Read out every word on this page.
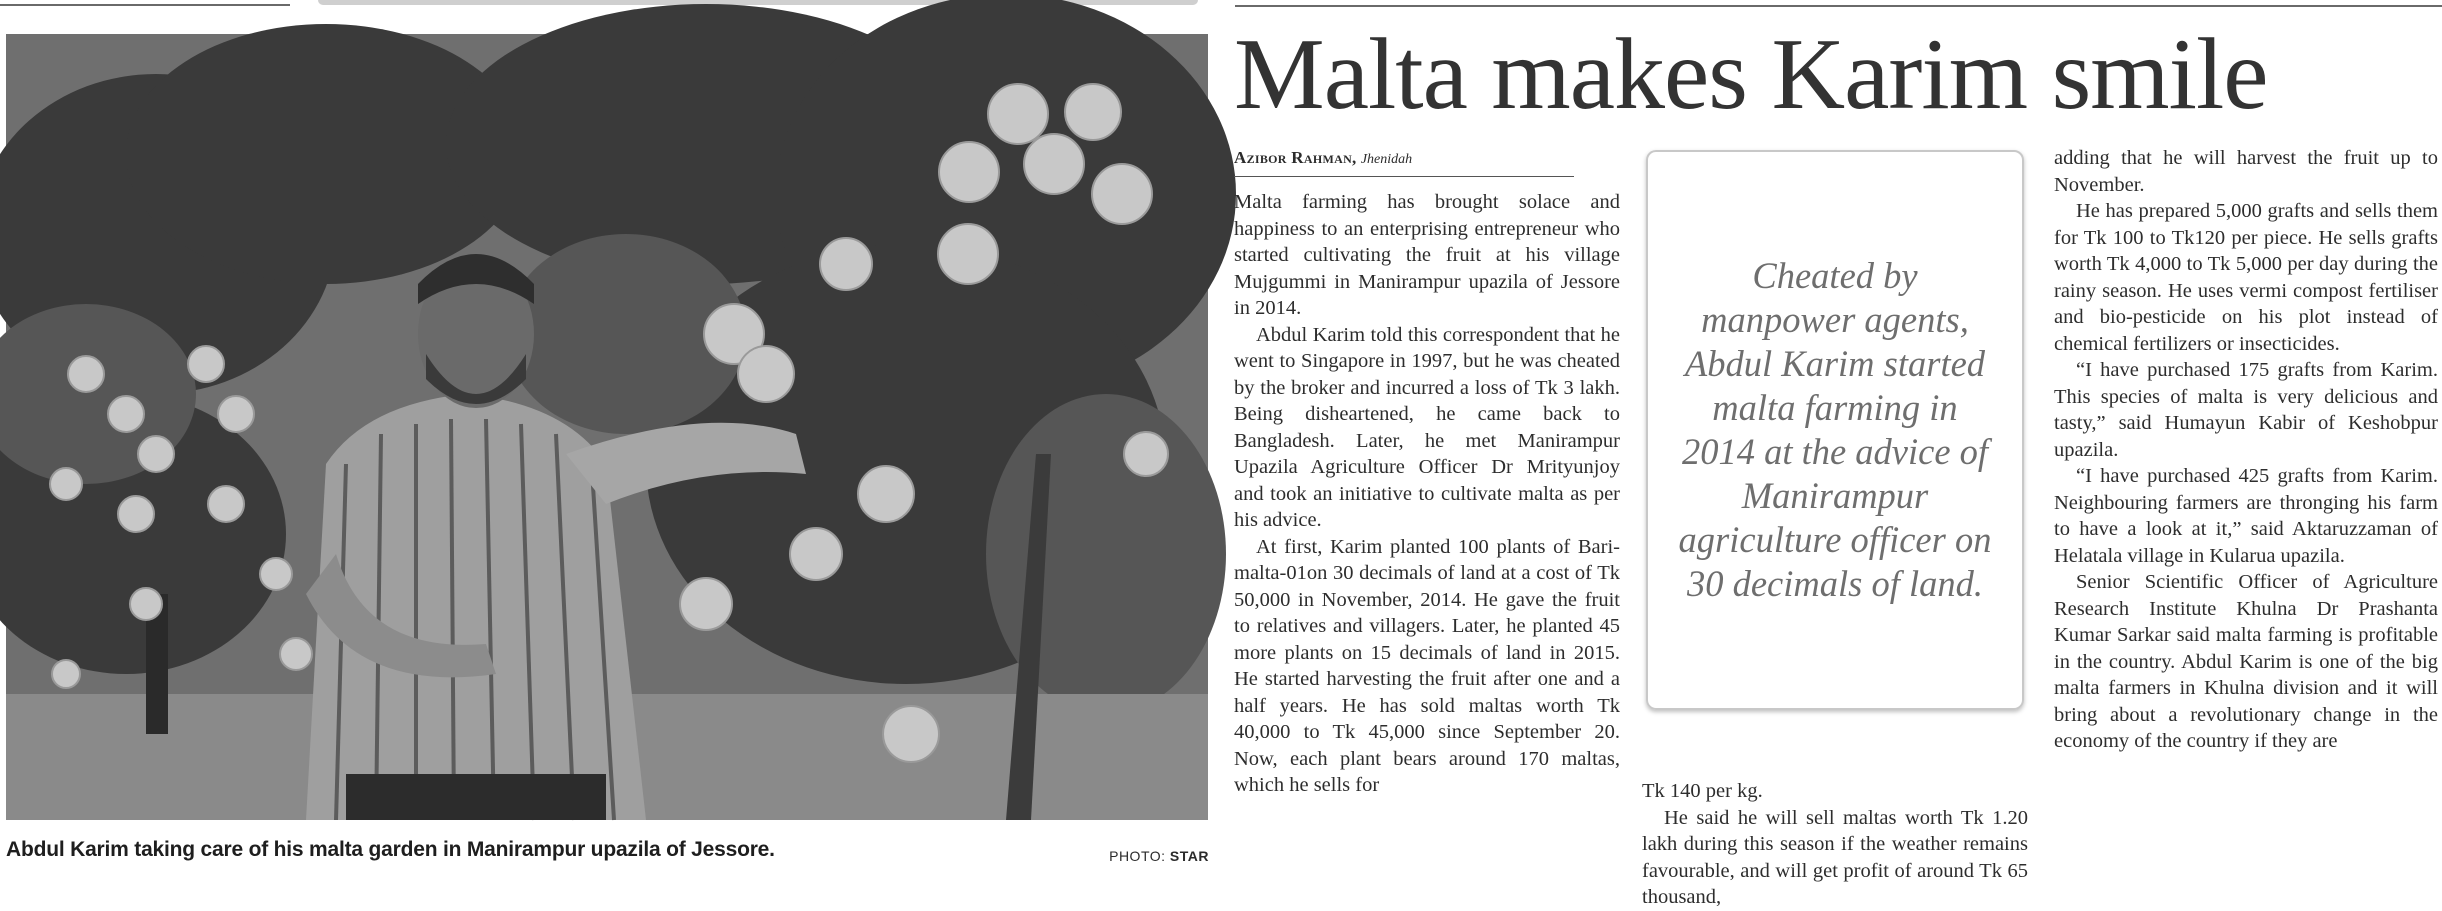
Abdul Karim taking care of his malta garden in Manirampur upazila of Jessore.	PHOTO: STAR
Malta makes Karim smile
Azibor Rahman, Jhenidah

Malta farming has brought solace and happiness to an enterprising entrepreneur who started cultivating the fruit at his village Mujgummi in Manirampur upazila of Jessore in 2014.

Abdul Karim told this correspondent that he went to Singapore in 1997, but he was cheated by the broker and incurred a loss of Tk 3 lakh. Being disheartened, he came back to Bangladesh. Later, he met Manirampur Upazila Agriculture Officer Dr Mrityunjoy and took an initiative to cultivate malta as per his advice.

At first, Karim planted 100 plants of Bari-malta-01on 30 decimals of land at a cost of Tk 50,000 in November, 2014. He gave the fruit to relatives and villagers. Later, he planted 45 more plants on 15 decimals of land in 2015. He started harvesting the fruit after one and a half years. He has sold maltas worth Tk 40,000 to Tk 45,000 since September 20. Now, each plant bears around 170 maltas, which he sells for

Cheated by manpower agents, Abdul Karim started malta farming in 2014 at the advice of Manirampur agriculture officer on 30 decimals of land.

Tk 140 per kg.

He said he will sell maltas worth Tk 1.20 lakh during this season if the weather remains favourable, and will get profit of around Tk 65 thousand,

adding that he will harvest the fruit up to November.

He has prepared 5,000 grafts and sells them for Tk 100 to Tk120 per piece. He sells grafts worth Tk 4,000 to Tk 5,000 per day during the rainy season. He uses vermi compost fertiliser and bio-pesticide on his plot instead of chemical fertilizers or insecticides.

“I have purchased 175 grafts from Karim. This species of malta is very delicious and tasty,” said Humayun Kabir of Keshobpur upazila.

“I have purchased 425 grafts from Karim. Neighbouring farmers are thronging his farm to have a look at it,” said Aktaruzzaman of Helatala village in Kularua upazila.

Senior Scientific Officer of Agriculture Research Institute Khulna Dr Prashanta Kumar Sarkar said malta farming is profitable in the country. Abdul Karim is one of the big malta farmers in Khulna division and it will bring about a revolutionary change in the economy of the country if they are
